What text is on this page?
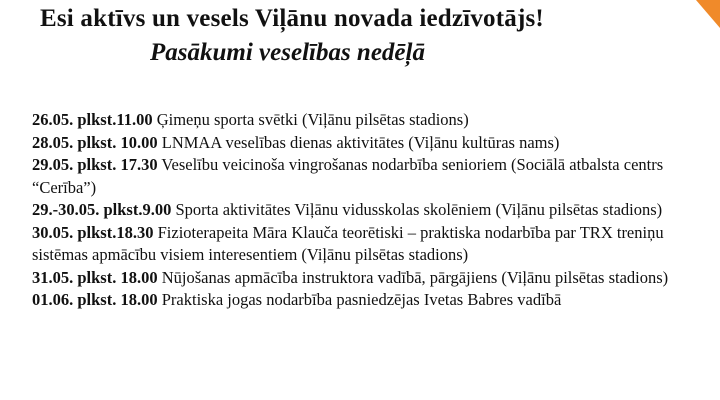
Esi aktīvs un vesels Viļānu novada iedzīvotājs!
Pasākumi veselības nedēļā
26.05. plkst.11.00 Ģimeņu sporta svētki (Viļānu pilsētas stadions)
28.05. plkst. 10.00 LNMAA veselības dienas aktivitātes (Viļānu kultūras nams)
29.05. plkst. 17.30 Veselību veicinoša vingrošanas nodarbība senioriem (Sociālā atbalsta centrs “Cerība”)
29.-30.05. plkst.9.00 Sporta aktivitātes Viļānu vidusskolas skolēniem (Viļānu pilsētas stadions)
30.05. plkst.18.30 Fizioterapeita Māra Klauča teorētiski – praktiska nodarbība par TRX treniņu sistēmas apmācību visiem interesentiem (Viļānu pilsētas stadions)
31.05. plkst. 18.00 Nūjošanas apmācība instruktora vadībā, pārgājiens (Viļānu pilsētas stadions)
01.06. plkst. 18.00 Praktiska jogas nodarbība pasniedzējas Ivetas Babres vadībā
